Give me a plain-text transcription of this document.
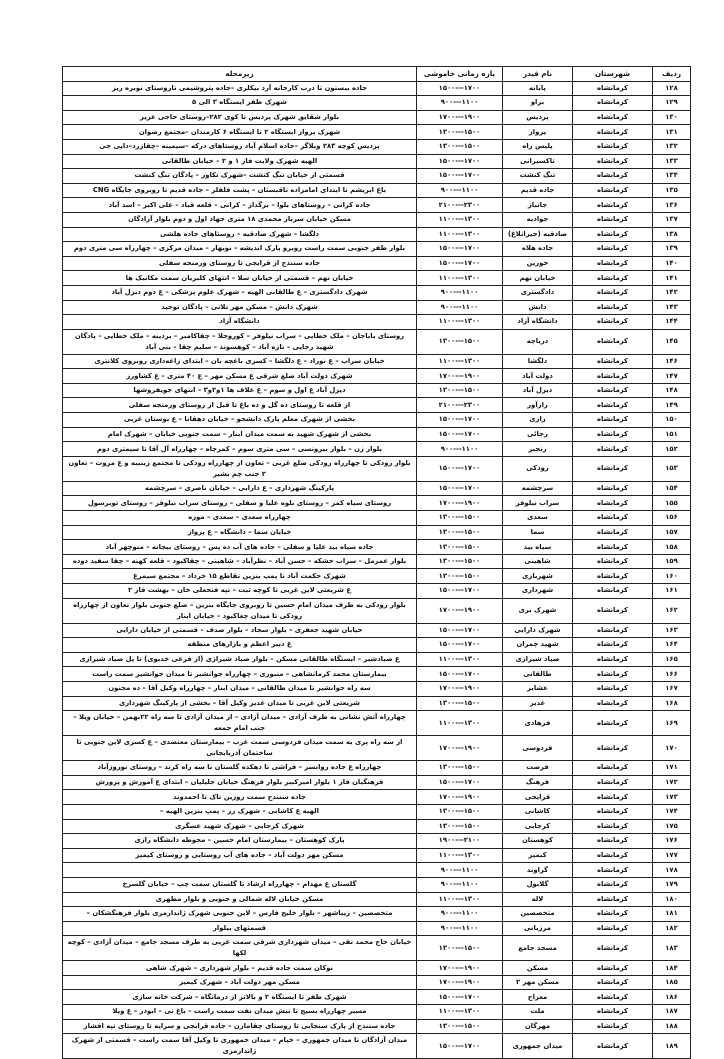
ردیف	شهرستان	نام فیدر	بازه زمانی خاموشی	زیرمحله
۱۲۸	کرمانشاه	پایانه	۱۵۰۰---۱۷۰۰	جاده بیستون تا درب کارخانه آرد بیکلری –جاده پتروشیمی تاروستای نوبره ریز
۱۲۹	کرمانشاه	براو	۹۰۰---۱۱۰۰	شهرک ظفر ایستگاه ۳ الی ۵
۱۳۰	کرمانشاه	پردیس	۱۷۰۰---۱۹۰۰	بلوار شقایق شهرک پردیس تا کوی ۲۸۲–روستای حاجی عزیز
۱۳۱	کرمانشاه	پرواز	۱۳۰۰---۱۵۰۰	شهرک پرواز ایستگاه ۲ تا ایستگاه ۶ کارمندان –مجتمع رضوان
۱۳۲	کرمانشاه	پلیس راه	۱۳۰۰---۱۵۰۰	پردیس کوچه ۲۸۳ ویلاگر –جاده اسلام آباد روستاهای درکه –سیمینه –چقازرد–دایی جی
۱۳۳	کرمانشاه	تاکسیرانی	۱۵۰۰---۱۷۰۰	الهیه شهرک ولایت فاز ۱ و ۲ – خیابان طالقانی
۱۳۴	کرمانشاه	تنگ کنشت	۱۵۰۰---۱۷۰۰	قسمتی از خیابان تنگ کنشت –شهرک تکاور – پادگان تنگ کنشت
۱۳۵	کرمانشاه	جاده قدیم	۹۰۰---۱۱۰۰	باغ ابریشم تا ابتدای امامزاده تاقبستان – پشت فلفلر – جاده قدیم تا روبروی جایگاه CNG
۱۳۶	کرمانشاه	جانباز	۲۱۰۰---۲۳۰۰	جاده کرانی – روستاهای بلوا – برگداز – کرانی – قلعه قباد – علی اکبر – اسد آباد
۱۳۷	کرمانشاه	جوادیه	۱۱۰۰---۱۳۰۰	مسکن خیابان سرباز محمدی ۱۸ متری جهاد اول و دوم بلوار آزادگان
۱۳۸	کرمانشاه	صادقیه (جیرانلاغ)	۱۱۰۰---۱۳۰۰	دلگشا – شهرک صادقیه – روستاهای جاده هلشی
۱۳۹	کرمانشاه	جاده هلاه	۱۵۰۰---۱۷۰۰	بلوار ظفر جنوبی سمت راست روبرو پارک اندیشه – نوبهار – میدان مرکزی – چهارراه سی متری دوم
۱۴۰	کرمانشاه	خورین	۱۵۰۰---۱۷۰۰	جاده سنندج از قرایجی تا روستای ورمنجه سفلی
۱۴۱	کرمانشاه	خیابان نهم	۱۱۰۰---۱۳۰۰	خیابان نهم – قسمتی از خیابان سلا – انتهای کلبریان سمت مکانیک ها
۱۴۲	کرمانشاه	دادگستری	۹۰۰---۱۱۰۰	شهرک دادگستری – ع طالقانی الهیه – شهرک علوم پزشکی – ع دوم دیزل آباد
۱۴۳	کرمانشاه	دانش	۹۰۰---۱۱۰۰	شهرک دانش – مسکن مهر تلانی – پادگان توحید
۱۴۴	کرمانشاه	دانشگاه آزاد	۱۱۰۰---۱۳۰۰	دانشگاه آزاد
۱۴۵	کرمانشاه	دریاچه	۱۳۰۰---۱۵۰۰	روستای باباجان – ملک خطایی – سراب نیلوفر – کوروجلا – چقاکامبر – بردینه – ملک خطایی – پادگان شهید رجایی – تازه آباد – کوهسوند – سلیم چقا – بنی آباد
۱۴۶	کرمانشاه	دلگشا	۱۱۰۰---۱۳۰۰	خیابان سراب – ع نوراد – ع دلگشا – کسری باغچه بان – ابتدای زاغه‌داری روبروی کلانتری
۱۴۷	کرمانشاه	دولت آباد	۱۷۰۰---۱۹۰۰	شهرک دولت آباد ضلع شرقی ع مسکن مهر – ع ۴۰ متری – ع کشاورز
۱۴۸	کرمانشاه	دیزل آباد	۱۳۰۰---۱۵۰۰	دیزل آباد ع اول و سوم – ع علاف ها ۱و۲و۳ – انتهای جویفروشها
۱۴۹	کرمانشاه	رازآور	۲۱۰۰---۲۳۰۰	از قلعه تا روستای ده گل و ده باغ تا قبل از روستای ورمنجه سفلی
۱۵۰	کرمانشاه	رازی	۱۵۰۰---۱۷۰۰	بخشی از شهرک معلم پارک دانشجو – خیابان دهقانا – ع بوستان غربی
۱۵۱	کرمانشاه	رجائی	۱۵۰۰---۱۷۰۰	بخشی از شهرک شهید به سمت میدان ابنار – سمت جنوبی خیابان – شهرک امام
۱۵۲	کرمانشاه	رنجبر	۹۰۰---۱۱۰۰	بلوار زن – بلوار بیرونسی – سی متری سوم – کمرچاه – چهارراه آل آقا تا سیمتری دوم
۱۵۳	کرمانشاه	رودکی	۱۵۰۰---۱۷۰۰	بلوار رودکی تا چهارراه رودکی ضلع غربی – تعاون از چهارراه رودکی تا مجتمع زینبیه و ع مروت – تعاون ۲ جنب چم بشیر
۱۵۴	کرمانشاه	سرچشمه	۱۵۰۰---۱۷۰۰	پارکینگ شهرداری – ع دارایی – خیابان ناصری – سرچشمه
۱۵۵	کرمانشاه	سراب نیلوفر	۱۷۰۰---۱۹۰۰	روستای سیاه کمر – روستای بلوه علیا و سفلی – روستای سراب نیلوفر – روستای توبرسول
۱۵۶	کرمانشاه	سعدی	۱۳۰۰---۱۵۰۰	چهارراه سعدی – سعدی – موزه
۱۵۷	کرمانشاه	سما	۱۳۰۰---۱۵۰۰	خیابان سما – دانشگاه – ع پرواز
۱۵۸	کرمانشاه	سیاه بید	۱۳۰۰---۱۵۰۰	جاده سیاه بید علیا و سفلی – جاده های آب ده پس – روستای بیجانه – منوچهر آباد
۱۵۹	کرمانشاه	شاهینی	۱۳۰۰---۱۵۰۰	بلوار عمرمل – سراب خشکه – حسن آباد – نظرآباد – شاهینی – چقاکبود – قلعه کهنه – چقا سفید دوده
۱۶۰	کرمانشاه	شهربازی	۱۳۰۰---۱۵۰۰	شهرک حکمت آباد تا پمپ بنزین تقاطع ۱۵ خرداد – مجتمع سیمرغ
۱۶۱	کرمانشاه	شهرداری	۱۵۰۰---۱۷۰۰	ع شریعتی لاین غربی تا کوچه ثبت – تپه فتحعلی خان – بهشت فاز ۲
۱۶۲	کرمانشاه	شهرک بری	۱۷۰۰---۱۹۰۰	بلوار رودکی به طرف میدان امام حسین تا روبروی جایگاه بنزین – ضلع جنوبی بلوار تعاون از چهارراه رودکی تا میدان چغاکبود – خیابان ابنار
۱۶۳	کرمانشاه	شهرک دارایی	۱۵۰۰---۱۷۰۰	خیابان شهید جعفری – بلوار سجاد – بلوار صدف – قسمتی از خیابان دارایی
۱۶۴	کرمانشاه	شهید چمران	۱۵۰۰---۱۷۰۰	ع دبیر اعظم و بازارهای منطقه
۱۶۵	کرمانشاه	صیاد شیرازی	۱۱۰۰---۱۳۰۰	ع صیادشیر – ایستگاه طالقانی مسکن – بلوار صیاد شیرازی (از فرعی خدیوی) تا پل صیاد شیرازی
۱۶۶	کرمانشاه	طالقانی	۱۵۰۰---۱۷۰۰	بیمارستان محمد کرمانشاهی – منبوری – چهارراه جوانشیر تا میدان جوانشیر سمت راست
۱۶۷	کرمانشاه	عشایر	۱۷۰۰---۱۹۰۰	سه راه جوانشیر تا میدان طالقانی – میدان ابنار – چهارراه وکیل آقا – ده مجنون
۱۶۸	کرمانشاه	غدیر	۱۳۰۰---۱۵۰۰	شریعتی لاین غربی تا میدان غدیر وکیل آقا – بخشی از پارکینگ شهرداری
۱۶۹	کرمانشاه	فرهادی	۱۱۰۰---۱۳۰۰	چهارراه آتش نشانی به طرف آزادی – میدان آزادی – از میدان آزادی تا سه راه ۲۲بهمن – خیابان ویلا – جنب امام جمعه
۱۷۰	کرمانشاه	فردوسی	۱۷۰۰---۱۹۰۰	از سه راه پری به سمت میدان فردوسی سمت غرب – بیمارستان معتضدی – ع کسری لاین جنوبی تا ساختمان آذربایجانی
۱۷۱	کرمانشاه	فرصت	۱۳۰۰---۱۵۰۰	چهارراه ع جاده روانسر – فراشی تا دهکده گلستان تا سه راه کرند – روستای نوروزآباد
۱۷۲	کرمانشاه	فرهنگ	۱۵۰۰---۱۷۰۰	فرهنگیان فاز ۱ بلوار امیرکبیر بلوار فرهنگ خیابان جلیلیان – ابتدای ع آموزش و پرورش
۱۷۳	کرمانشاه	قرایجی	۱۷۰۰---۱۹۰۰	جاده سنندج سمت روزین تاک تا احمدوند
۱۷۴	کرمانشاه	کاشانی	۱۳۰۰---۱۵۰۰	الهیه ع کاشانی – شهرک رز – پمپ بنزین الهیه –
۱۷۵	کرمانشاه	کرجایی	۱۳۰۰---۱۵۰۰	شهرک کرجایی – شهرک شهید عسگری
۱۷۶	کرمانشاه	کوهستان	۱۹۰۰---۲۱۰۰	پارک کوهستان – بیمارستان امام حسین – محوطه دانشگاه رازی
۱۷۷	کرمانشاه	کیمیز	۱۱۰۰---۱۳۰۰	مسکن مهر دولت آباد – جاده های آب روستایی و روستای کیمیز
۱۷۸	کرمانشاه	گراوند	۹۰۰---۱۱۰۰	
۱۷۹	کرمانشاه	گلابول	۹۰۰---۱۱۰۰	گلستان ع مهدام – چهارراه ارشاد تا گلستان سمت چپ – خیابان گلسرخ
۱۸۰	کرمانشاه	لاله	۱۱۰۰---۱۳۰۰	مسکن خیابان لاله شمالی و جنوبی و بلوار مطهری
۱۸۱	کرمانشاه	متخصصین	۹۰۰---۱۱۰۰	متخصصین – زیباشهر – بلوار خلیج فارس – لاین جنوبی شهرک ژاندارمری بلوار فرهنگشکان –
۱۸۲	کرمانشاه	مرزبانی	۹۰۰---۱۱۰۰	قسمتهای بیلوار
۱۸۳	کرمانشاه	مسجد جامع	۱۳۰۰---۱۵۰۰	خیابان حاج محمد تقی – میدان شهرداری شرقی سمت غربی به طرف مسجد جامع – میدان آزادی – کوچه لکها
۱۸۴	کرمانشاه	مسکن	۱۷۰۰---۱۹۰۰	نوکان سمت جاده قدیم – بلوار شهرداری – شهرک شاهی
۱۸۵	کرمانشاه	مسکن مهر ۲	۱۷۰۰---۱۹۰۰	مسکن مهر دولت آباد – شهرک کیمیز
۱۸۶	کرمانشاه	معراج	۱۵۰۰---۱۷۰۰	شهرک ظفر تا ایستگاه ۲ و بالاتر از درمانگاه – شرکت خانه سازی
۱۸۷	کرمانشاه	ملت	۱۱۰۰---۱۳۰۰	مسیر چهارراه بسیج تا نبش میدان نفت سمت راست – باغ نی – ابوذر – ع ویلا
۱۸۸	کرمانشاه	مهرگان	۱۳۰۰---۱۵۰۰	جاده سنندج از پارک سنجابی تا روستای چقامارن – جاده قرایجی و سرایه تا روستای تپه افشار
۱۸۹	کرمانشاه	میدان جمهوری	۱۵۰۰---۱۷۰۰	میدان آزادگان تا میدان جمهوری – خیام – میدان جمهوری تا وکیل آقا سمت راست – قسمتی از شهرک ژاندارمری
